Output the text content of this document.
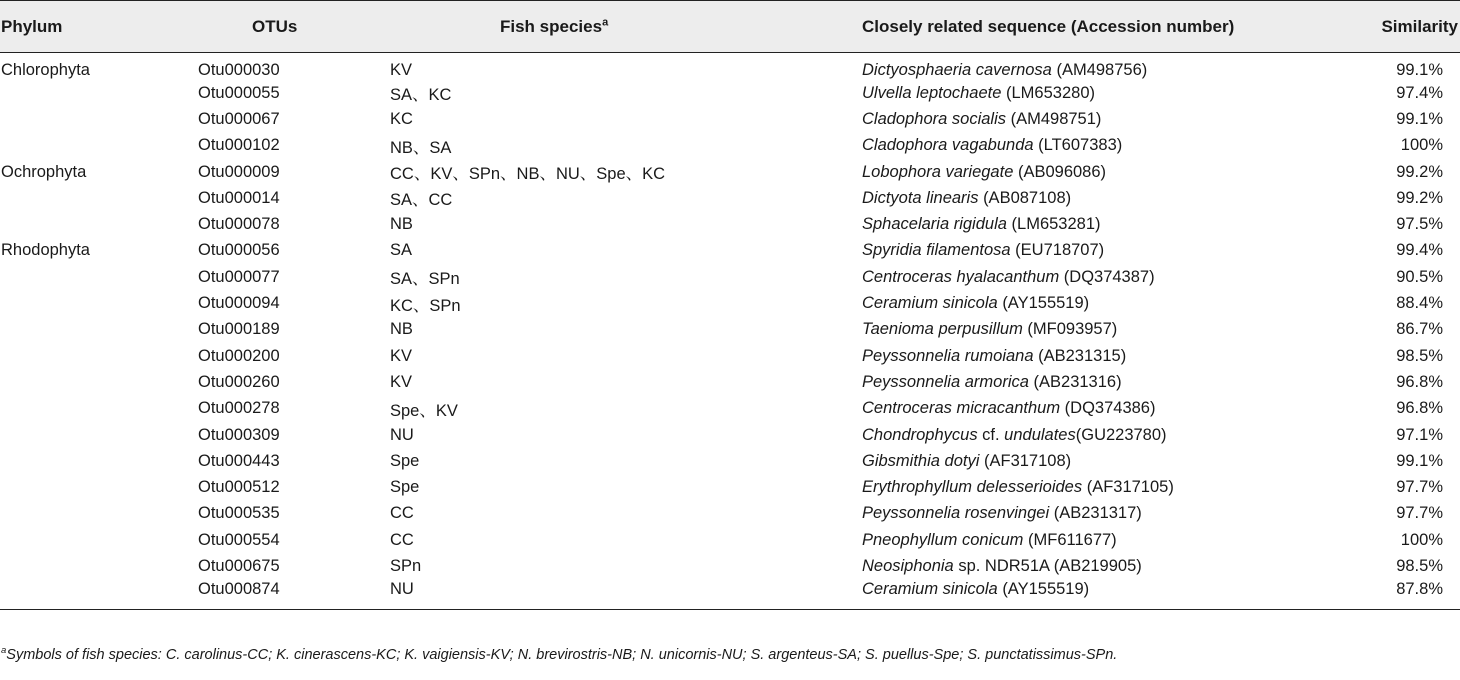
Phylum	OTUs	Fish species$^a$	Closely related sequence (Accession number)	Similarity
Chlorophyta	Otu000030	KV	Dictyosphaeria cavernosa (AM498756)	99.1%
	Otu000055	SA、KC	Ulvella leptochaete (LM653280)	97.4%
	Otu000067	KC	Cladophora socialis (AM498751)	99.1%
	Otu000102	NB、SA	Cladophora vagabunda (LT607383)	100%
Ochrophyta	Otu000009	CC、KV、SPn、NB、NU、Spe、KC	Lobophora variegate (AB096086)	99.2%
	Otu000014	SA、CC	Dictyota linearis (AB087108)	99.2%
	Otu000078	NB	Sphacelaria rigidula (LM653281)	97.5%
Rhodophyta	Otu000056	SA	Spyridia filamentosa (EU718707)	99.4%
	Otu000077	SA、SPn	Centroceras hyalacanthum (DQ374387)	90.5%
	Otu000094	KC、SPn	Ceramium sinicola (AY155519)	88.4%
	Otu000189	NB	Taenioma perpusillum (MF093957)	86.7%
	Otu000200	KV	Peyssonnelia rumoiana (AB231315)	98.5%
	Otu000260	KV	Peyssonnelia armorica (AB231316)	96.8%
	Otu000278	Spe、KV	Centroceras micracanthum (DQ374386)	96.8%
	Otu000309	NU	Chondrophycus cf. undulates(GU223780)	97.1%
	Otu000443	Spe	Gibsmithia dotyi (AF317108)	99.1%
	Otu000512	Spe	Erythrophyllum delesserioides (AF317105)	97.7%
	Otu000535	CC	Peyssonnelia rosenvingei (AB231317)	97.7%
	Otu000554	CC	Pneophyllum conicum (MF611677)	100%
	Otu000675	SPn	Neosiphonia sp. NDR51A (AB219905)	98.5%
	Otu000874	NU	Ceramium sinicola (AY155519)	87.8%
$^a$Symbols of fish species: C. carolinus-CC; K. cinerascens-KC; K. vaigiensis-KV; N. brevirostris-NB; N. unicornis-NU; S. argenteus-SA; S. puellus-Spe; S. punctatissimus-SPn.
